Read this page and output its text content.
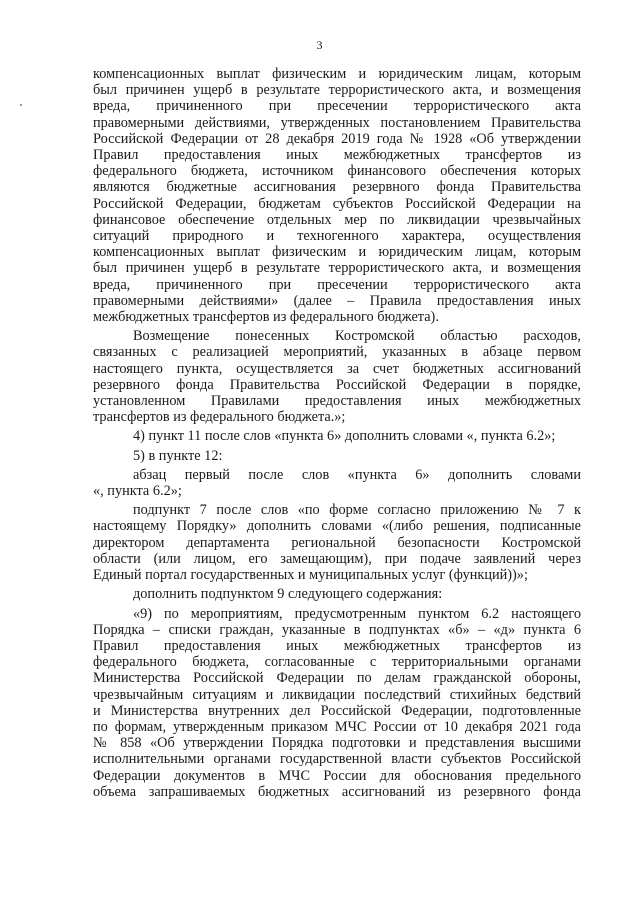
3

компенсационных выплат физическим и юридическим лицам, которым

был причинен ущерб в результате террористического акта, и возмещения

вреда, причиненного при пресечении террористического акта

правомерными действиями, утвержденных постановлением Правительства

Российской Федерации от 28 декабря 2019 года № 1928 «Об утверждении

Правил предоставления иных межбюджетных трансфертов из

федерального бюджета, источником финансового обеспечения которых

являются бюджетные ассигнования резервного фонда Правительства

Российской Федерации, бюджетам субъектов Российской Федерации на

финансовое обеспечение отдельных мер по ликвидации чрезвычайных

ситуаций природного и техногенного характера, осуществления

компенсационных выплат физическим и юридическим лицам, которым

был причинен ущерб в результате террористического акта, и возмещения

вреда, причиненного при пресечении террористического акта

правомерными действиями» (далее – Правила предоставления иных

межбюджетных трансфертов из федерального бюджета).

Возмещение понесенных Костромской областью расходов,

связанных с реализацией мероприятий, указанных в абзаце первом

настоящего пункта, осуществляется за счет бюджетных ассигнований

резервного фонда Правительства Российской Федерации в порядке,

установленном Правилами предоставления иных межбюджетных

трансфертов из федерального бюджета.»;

4) пункт 11 после слов «пункта 6» дополнить словами «, пункта 6.2»;

5) в пункте 12:

абзац первый после слов «пункта 6» дополнить словами

«, пункта 6.2»;

подпункт 7 после слов «по форме согласно приложению № 7 к

настоящему Порядку» дополнить словами «(либо решения, подписанные

директором департамента региональной безопасности Костромской

области (или лицом, его замещающим), при подаче заявлений через

Единый портал государственных и муниципальных услуг (функций))»;

дополнить подпунктом 9 следующего содержания:

«9) по мероприятиям, предусмотренным пунктом 6.2 настоящего

Порядка – списки граждан, указанные в подпунктах «б» – «д» пункта 6

Правил предоставления иных межбюджетных трансфертов из

федерального бюджета, согласованные с территориальными органами

Министерства Российской Федерации по делам гражданской обороны,

чрезвычайным ситуациям и ликвидации последствий стихийных бедствий

и Министерства внутренних дел Российской Федерации, подготовленные

по формам, утвержденным приказом МЧС России от 10 декабря 2021 года

№ 858 «Об утверждении Порядка подготовки и представления высшими

исполнительными органами государственной власти субъектов Российской

Федерации документов в МЧС России для обоснования предельного

объема запрашиваемых бюджетных ассигнований из резервного фонда
